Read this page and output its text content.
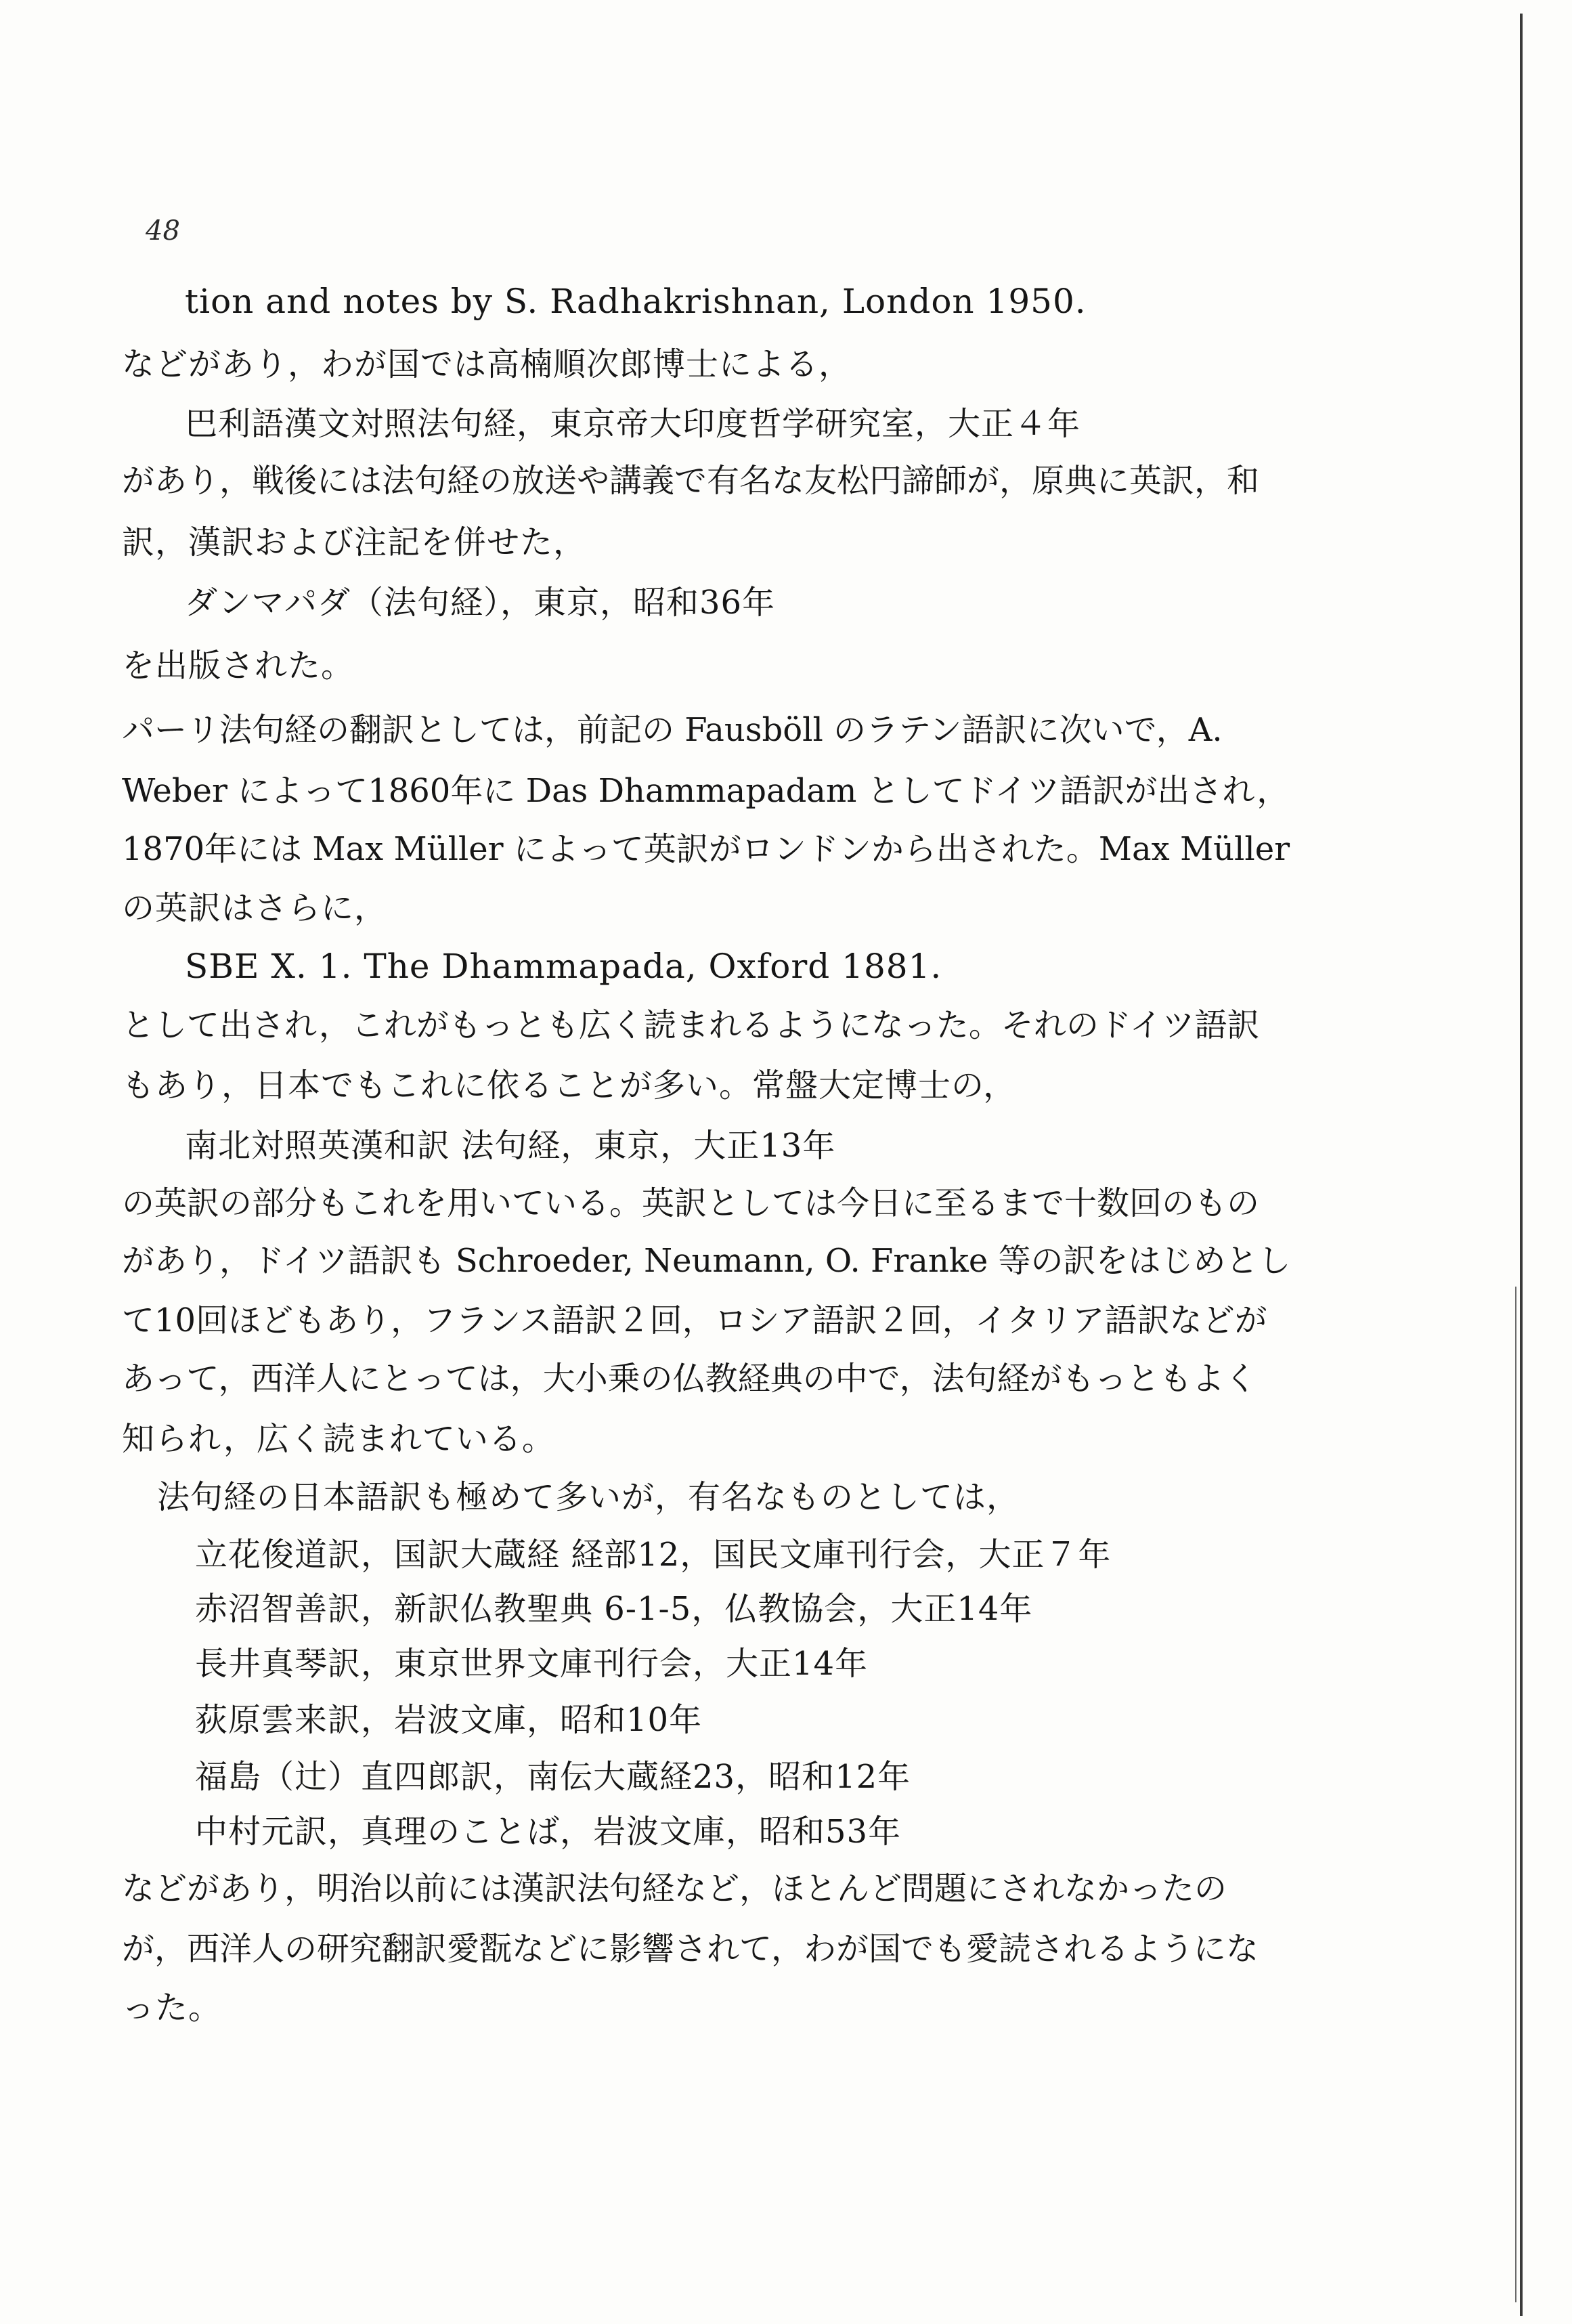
48
tion and notes by S. Radhakrishnan, London 1950.
などがあり，わが国では高楠順次郎博士による，
巴利語漢文対照法句経，東京帝大印度哲学研究室，大正４年
があり，戦後には法句経の放送や講義で有名な友松円諦師が，原典に英訳，和
訳，漢訳および注記を併せた，
ダンマパダ（法句経），東京，昭和36年
を出版された。
パーリ法句経の翻訳としては，前記の Fausböll のラテン語訳に次いで，A.
Weber によって1860年に Das Dhammapadam としてドイツ語訳が出され，
1870年には Max Müller によって英訳がロンドンから出された。Max Müller
の英訳はさらに，
SBE X. 1. The Dhammapada, Oxford 1881.
として出され，これがもっとも広く読まれるようになった。それのドイツ語訳
もあり，日本でもこれに依ることが多い。常盤大定博士の，
南北対照英漢和訳 法句経，東京，大正13年
の英訳の部分もこれを用いている。英訳としては今日に至るまで十数回のもの
があり，ドイツ語訳も Schroeder, Neumann, O. Franke 等の訳をはじめとし
て10回ほどもあり，フランス語訳２回，ロシア語訳２回，イタリア語訳などが
あって，西洋人にとっては，大小乗の仏教経典の中で，法句経がもっともよく
知られ，広く読まれている。
法句経の日本語訳も極めて多いが，有名なものとしては，
立花俊道訳，国訳大蔵経 経部12，国民文庫刊行会，大正７年
赤沼智善訳，新訳仏教聖典 6-1-5，仏教協会，大正14年
長井真琴訳，東京世界文庫刊行会，大正14年
荻原雲来訳，岩波文庫，昭和10年
福島（辻）直四郎訳，南伝大蔵経23，昭和12年
中村元訳，真理のことば，岩波文庫，昭和53年
などがあり，明治以前には漢訳法句経など，ほとんど問題にされなかったの
が，西洋人の研究翻訳愛翫などに影響されて，わが国でも愛読されるようにな
った。
